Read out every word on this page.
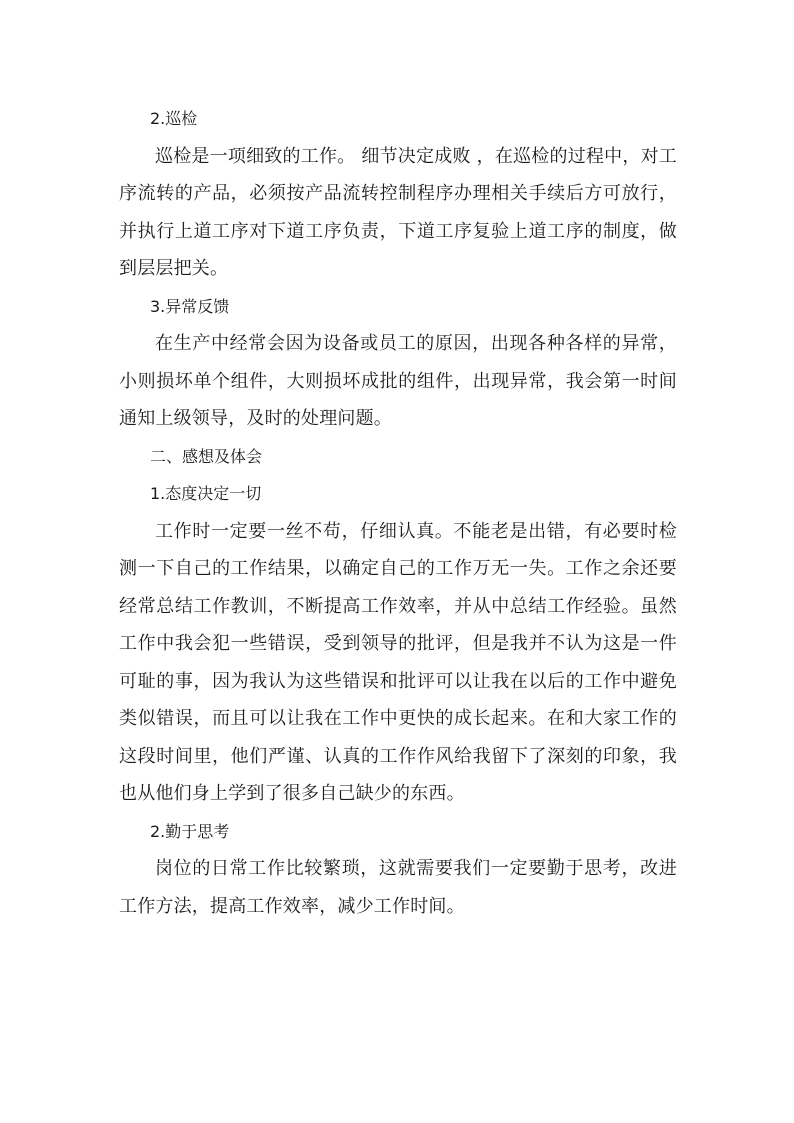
2.巡检

巡检是一项细致的工作。 细节决定成败 ，在巡检的过程中，对工序流转的产品，必须按产品流转控制程序办理相关手续后方可放行，并执行上道工序对下道工序负责，下道工序复验上道工序的制度，做到层层把关。

3.异常反馈

在生产中经常会因为设备或员工的原因，出现各种各样的异常，小则损坏单个组件，大则损坏成批的组件，出现异常，我会第一时间通知上级领导，及时的处理问题。

二、感想及体会

1.态度决定一切

工作时一定要一丝不苟，仔细认真。不能老是出错，有必要时检测一下自己的工作结果，以确定自己的工作万无一失。工作之余还要经常总结工作教训，不断提高工作效率，并从中总结工作经验。虽然工作中我会犯一些错误，受到领导的批评，但是我并不认为这是一件可耻的事，因为我认为这些错误和批评可以让我在以后的工作中避免类似错误，而且可以让我在工作中更快的成长起来。在和大家工作的这段时间里，他们严谨、认真的工作作风给我留下了深刻的印象，我也从他们身上学到了很多自己缺少的东西。

2.勤于思考

岗位的日常工作比较繁琐，这就需要我们一定要勤于思考，改进工作方法，提高工作效率，减少工作时间。
